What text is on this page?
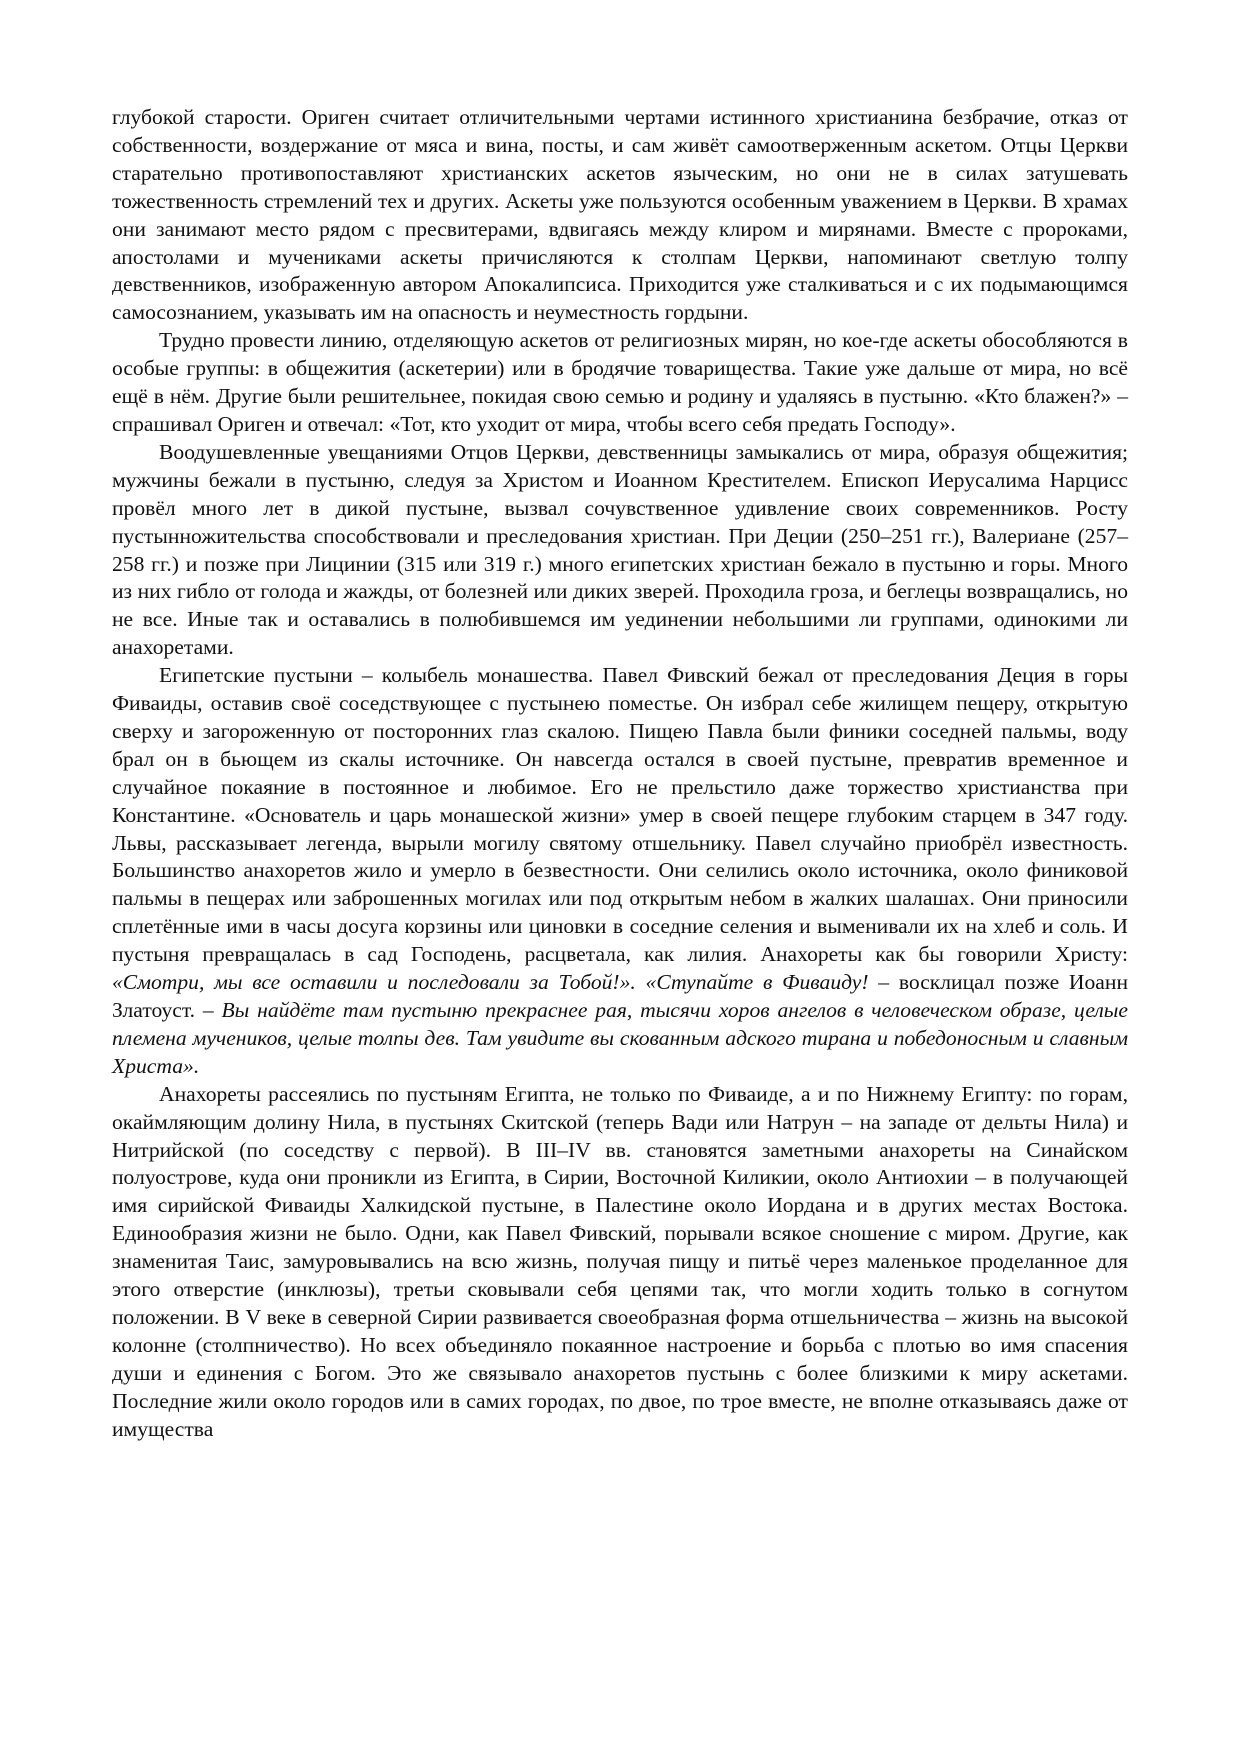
глубокой старости. Ориген считает отличительными чертами истинного христианина безбрачие, отказ от собственности, воздержание от мяса и вина, посты, и сам живёт самоотверженным аскетом. Отцы Церкви старательно противопоставляют христианских аскетов языческим, но они не в силах затушевать тожественность стремлений тех и других. Аскеты уже пользуются особенным уважением в Церкви. В храмах они занимают место рядом с пресвитерами, вдвигаясь между клиром и мирянами. Вместе с пророками, апостолами и мучениками аскеты причисляются к столпам Церкви, напоминают светлую толпу девственников, изображенную автором Апокалипсиса. Приходится уже сталкиваться и с их подымающимся самосознанием, указывать им на опасность и неуместность гордыни.

Трудно провести линию, отделяющую аскетов от религиозных мирян, но кое-где аскеты обособляются в особые группы: в общежития (аскетерии) или в бродячие товарищества. Такие уже дальше от мира, но всё ещё в нём. Другие были решительнее, покидая свою семью и родину и удаляясь в пустыню. «Кто блажен?» – спрашивал Ориген и отвечал: «Тот, кто уходит от мира, чтобы всего себя предать Господу».

Воодушевленные увещаниями Отцов Церкви, девственницы замыкались от мира, образуя общежития; мужчины бежали в пустыню, следуя за Христом и Иоанном Крестителем. Епископ Иерусалима Нарцисс провёл много лет в дикой пустыне, вызвал сочувственное удивление своих современников. Росту пустынножительства способствовали и преследования христиан. При Деции (250–251 гг.), Валериане (257–258 гг.) и позже при Лицинии (315 или 319 г.) много египетских христиан бежало в пустыню и горы. Много из них гибло от голода и жажды, от болезней или диких зверей. Проходила гроза, и беглецы возвращались, но не все. Иные так и оставались в полюбившемся им уединении небольшими ли группами, одинокими ли анахоретами.

Египетские пустыни – колыбель монашества. Павел Фивский бежал от преследования Деция в горы Фиваиды, оставив своё соседствующее с пустынею поместье. Он избрал себе жилищем пещеру, открытую сверху и загороженную от посторонних глаз скалою. Пищею Павла были финики соседней пальмы, воду брал он в бьющем из скалы источнике. Он навсегда остался в своей пустыне, превратив временное и случайное покаяние в постоянное и любимое. Его не прельстило даже торжество христианства при Константине. «Основатель и царь монашеской жизни» умер в своей пещере глубоким старцем в 347 году. Львы, рассказывает легенда, вырыли могилу святому отшельнику. Павел случайно приобрёл известность. Большинство анахоретов жило и умерло в безвестности. Они селились около источника, около финиковой пальмы в пещерах или заброшенных могилах или под открытым небом в жалких шалашах. Они приносили сплетённые ими в часы досуга корзины или циновки в соседние селения и выменивали их на хлеб и соль. И пустыня превращалась в сад Господень, расцветала, как лилия. Анахореты как бы говорили Христу: «Смотри, мы все оставили и последовали за Тобой!». «Ступайте в Фиваиду! – восклицал позже Иоанн Златоуст. – Вы найдёте там пустыню прекраснее рая, тысячи хоров ангелов в человеческом образе, целые племена мучеников, целые толпы дев. Там увидите вы скованным адского тирана и победоносным и славным Христа».

Анахореты рассеялись по пустыням Египта, не только по Фиваиде, а и по Нижнему Египту: по горам, окаймляющим долину Нила, в пустынях Скитской (теперь Вади или Натрун – на западе от дельты Нила) и Нитрийской (по соседству с первой). В III–IV вв. становятся заметными анахореты на Синайском полуострове, куда они проникли из Египта, в Сирии, Восточной Киликии, около Антиохии – в получающей имя сирийской Фиваиды Халкидской пустыне, в Палестине около Иордана и в других местах Востока. Единообразия жизни не было. Одни, как Павел Фивский, порывали всякое сношение с миром. Другие, как знаменитая Таис, замуровывались на всю жизнь, получая пищу и питьё через маленькое проделанное для этого отверстие (инклюзы), третьи сковывали себя цепями так, что могли ходить только в согнутом положении. В V веке в северной Сирии развивается своеобразная форма отшельничества – жизнь на высокой колонне (столпничество). Но всех объединяло покаянное настроение и борьба с плотью во имя спасения души и единения с Богом. Это же связывало анахоретов пустынь с более близкими к миру аскетами. Последние жили около городов или в самих городах, по двое, по трое вместе, не вполне отказываясь даже от имущества
